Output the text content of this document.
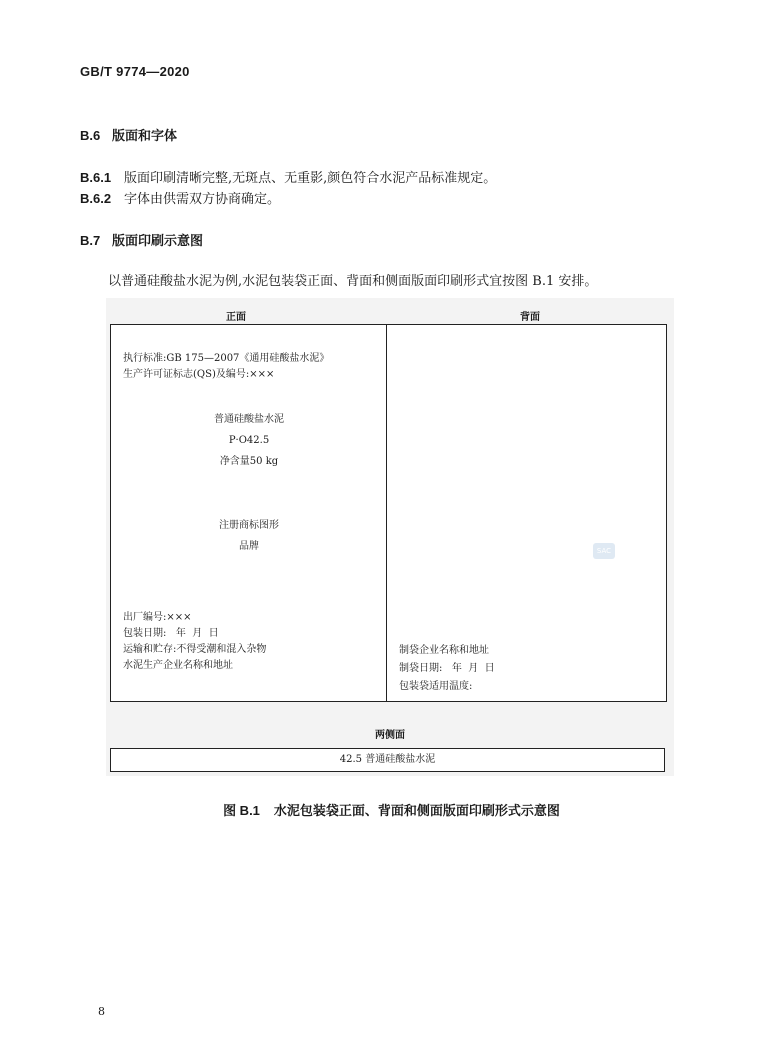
GB/T 9774—2020
B.6 版面和字体
B.6.1 版面印刷清晰完整,无斑点、无重影,颜色符合水泥产品标准规定。
B.6.2 字体由供需双方协商确定。
B.7 版面印刷示意图
以普通硅酸盐水泥为例,水泥包装袋正面、背面和侧面版面印刷形式宜按图 B.1 安排。
正面	背面
执行标准:GB 175—2007《通用硅酸盐水泥》
生产许可证标志(QS)及编号:×××
普通硅酸盐水泥
P·O42.5
净含量50 kg
注册商标图形
品牌
出厂编号:×××
包装日期:   年  月  日
运输和贮存:不得受潮和混入杂物
水泥生产企业名称和地址
SAC
制袋企业名称和地址
制袋日期:   年  月  日
包装袋适用温度:
两侧面
42.5 普通硅酸盐水泥
图 B.1 水泥包装袋正面、背面和侧面版面印刷形式示意图
8
